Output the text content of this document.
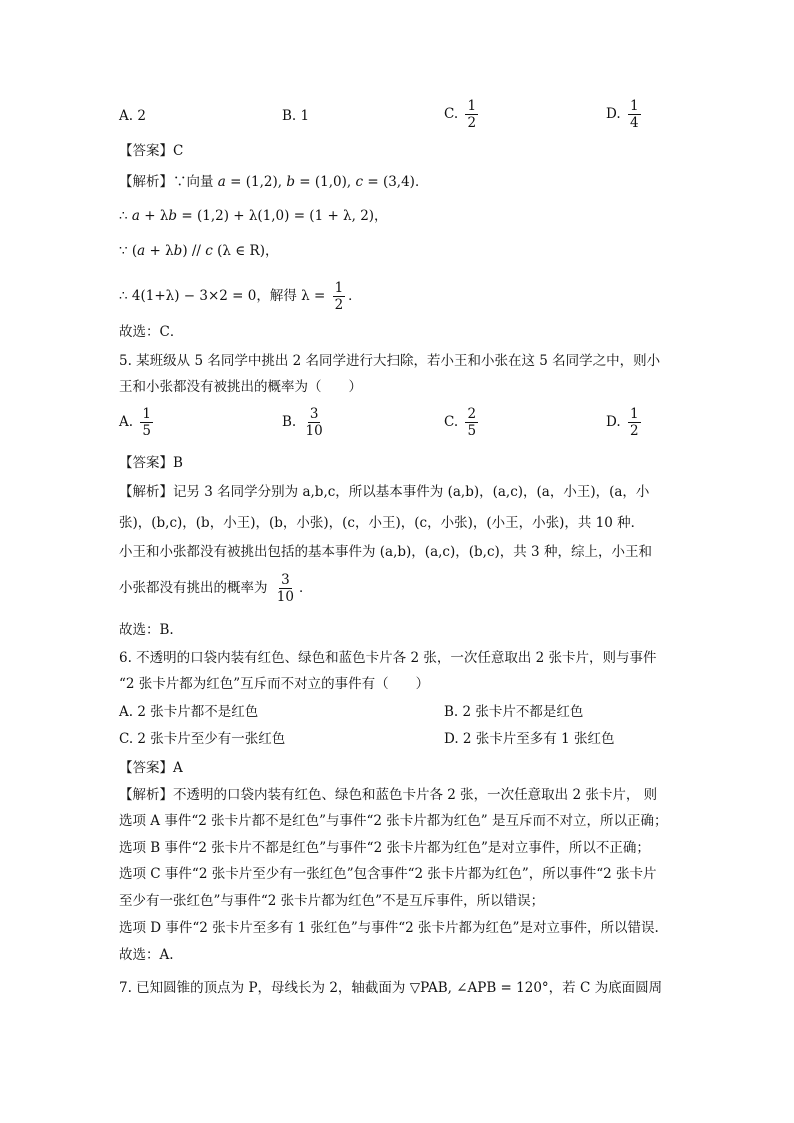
A. 2	B. 1	C. $\frac{1}{2}$	D. $\frac{1}{4}$
【答案】C
【解析】∵向量 a = (1,2), b = (1,0), c = (3,4)．
∴ a + λb = (1,2) + λ(1,0) = (1 + λ, 2)，
∵ (a + λb) // c (λ ∈ R)，
∴ 4(1+λ) − 3×2 = 0，解得 $\lambda = \frac{1}{2}$ ．
故选：C．
5. 某班级从 5 名同学中挑出 2 名同学进行大扫除，若小王和小张在这 5 名同学之中，则小
王和小张都没有被挑出的概率为（　　）
A. $\frac{1}{5}$	B. $\frac{3}{10}$	C. $\frac{2}{5}$	D. $\frac{1}{2}$
【答案】B
【解析】记另 3 名同学分别为 a,b,c，所以基本事件为 (a,b)，(a,c)，(a，小王)，(a，小
张)，(b,c)，(b，小王)，(b，小张)，(c，小王)，(c，小张)，(小王，小张)，共 10 种．
小王和小张都没有被挑出包括的基本事件为 (a,b)，(a,c)，(b,c)，共 3 种，综上，小王和
小张都没有挑出的概率为 $\frac{3}{10}$ ．
故选：B.
6. 不透明的口袋内装有红色、绿色和蓝色卡片各 2 张，一次任意取出 2 张卡片，则与事件
“2 张卡片都为红色”互斥而不对立的事件有（　　）
A. 2 张卡片都不是红色	B. 2 张卡片不都是红色
C. 2 张卡片至少有一张红色	D. 2 张卡片至多有 1 张红色
【答案】A
【解析】不透明的口袋内装有红色、绿色和蓝色卡片各 2 张，一次任意取出 2 张卡片， 则
选项 A 事件“2 张卡片都不是红色”与事件“2 张卡片都为红色” 是互斥而不对立，所以正确；
选项 B 事件“2 张卡片不都是红色”与事件“2 张卡片都为红色”是对立事件，所以不正确；
选项 C 事件“2 张卡片至少有一张红色”包含事件“2 张卡片都为红色”，所以事件“2 张卡片
至少有一张红色”与事件“2 张卡片都为红色”不是互斥事件，所以错误；
选项 D 事件“2 张卡片至多有 1 张红色”与事件“2 张卡片都为红色”是对立事件，所以错误.
故选：A.
7. 已知圆锥的顶点为 P，母线长为 2，轴截面为 ▽PAB, ∠APB = 120°，若 C 为底面圆周
